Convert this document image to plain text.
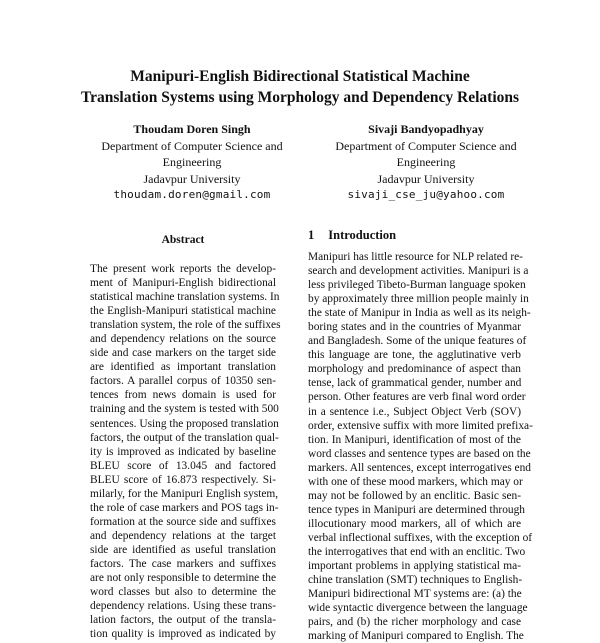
Manipuri-English Bidirectional Statistical Machine
Translation Systems using Morphology and Dependency Relations
Thoudam Doren Singh
Department of Computer Science and
Engineering
Jadavpur University
thoudam.doren@gmail.com
Sivaji Bandyopadhyay
Department of Computer Science and
Engineering
Jadavpur University
sivaji_cse_ju@yahoo.com
Abstract	1 Introduction
The present work reports the develop-
ment of Manipuri-English bidirectional
statistical machine translation systems. In
the English-Manipuri statistical machine
translation system, the role of the suffixes
and dependency relations on the source
side and case markers on the target side
are identified as important translation
factors. A parallel corpus of 10350 sen-
tences from news domain is used for
training and the system is tested with 500
sentences. Using the proposed translation
factors, the output of the translation qual-
ity is improved as indicated by baseline
BLEU score of 13.045 and factored
BLEU score of 16.873 respectively. Si-
milarly, for the Manipuri English system,
the role of case markers and POS tags in-
formation at the source side and suffixes
and dependency relations at the target
side are identified as useful translation
factors. The case markers and suffixes
are not only responsible to determine the
word classes but also to determine the
dependency relations. Using these trans-
lation factors, the output of the transla-
tion quality is improved as indicated by
Manipuri has little resource for NLP related re-
search and development activities. Manipuri is a
less privileged Tibeto-Burman language spoken
by approximately three million people mainly in
the state of Manipur in India as well as its neigh-
boring states and in the countries of Myanmar
and Bangladesh. Some of the unique features of
this language are tone, the agglutinative verb
morphology and predominance of aspect than
tense, lack of grammatical gender, number and
person. Other features are verb final word order
in a sentence i.e., Subject Object Verb (SOV)
order, extensive suffix with more limited prefixa-
tion. In Manipuri, identification of most of the
word classes and sentence types are based on the
markers. All sentences, except interrogatives end
with one of these mood markers, which may or
may not be followed by an enclitic. Basic sen-
tence types in Manipuri are determined through
illocutionary mood markers, all of which are
verbal inflectional suffixes, with the exception of
the interrogatives that end with an enclitic. Two
important problems in applying statistical ma-
chine translation (SMT) techniques to English-
Manipuri bidirectional MT systems are: (a) the
wide syntactic divergence between the language
pairs, and (b) the richer morphology and case
marking of Manipuri compared to English. The
